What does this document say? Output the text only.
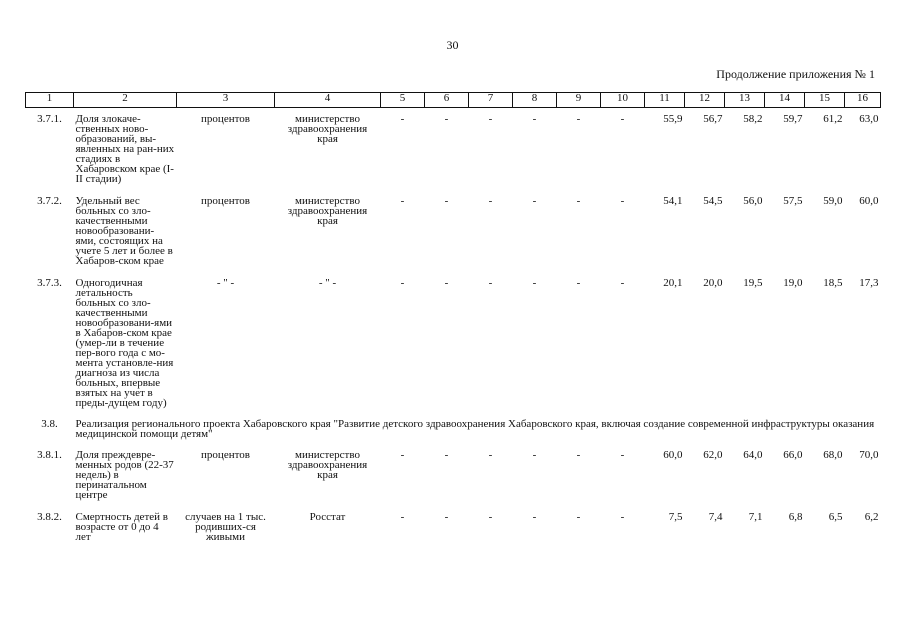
30
Продолжение приложения № 1
1	2	3	4	5	6	7	8	9	10	11	12	13	14	15	16
3.7.1.	Доля злокаче-ственных ново-образований, вы-явленных на ран-них стадиях в Хабаровском крае (I-II стадии)	процентов	министерство здравоохранения края	-	-	-	-	-	-	55,9	56,7	58,2	59,7	61,2	63,0
3.7.2.	Удельный вес больных со зло-качественными новообразовани-ями, состоящих на учете 5 лет и более в Хабаров-ском крае	процентов	министерство здравоохранения края	-	-	-	-	-	-	54,1	54,5	56,0	57,5	59,0	60,0
3.7.3.	Одногодичная летальность больных со зло-качественными новообразовани-ями в Хабаров-ском крае (умер-ли в течение пер-вого года с мо-мента установле-ния диагноза из числа больных, впервые взятых на учет в преды-дущем году)	- " -	- " -	-	-	-	-	-	-	20,1	20,0	19,5	19,0	18,5	17,3
3.8.	Реализация регионального проекта Хабаровского края "Развитие детского здравоохранения Хабаровского края, включая создание современной инфраструктуры оказания медицинской помощи детям"														
3.8.1.	Доля преждевре-менных родов (22-37 недель) в перинатальном центре	процентов	министерство здравоохранения края	-	-	-	-	-	-	60,0	62,0	64,0	66,0	68,0	70,0
3.8.2.	Смертность детей в возрасте от 0 до 4 лет	случаев на 1 тыс. родивших-ся живыми	Росстат	-	-	-	-	-	-	7,5	7,4	7,1	6,8	6,5	6,2
